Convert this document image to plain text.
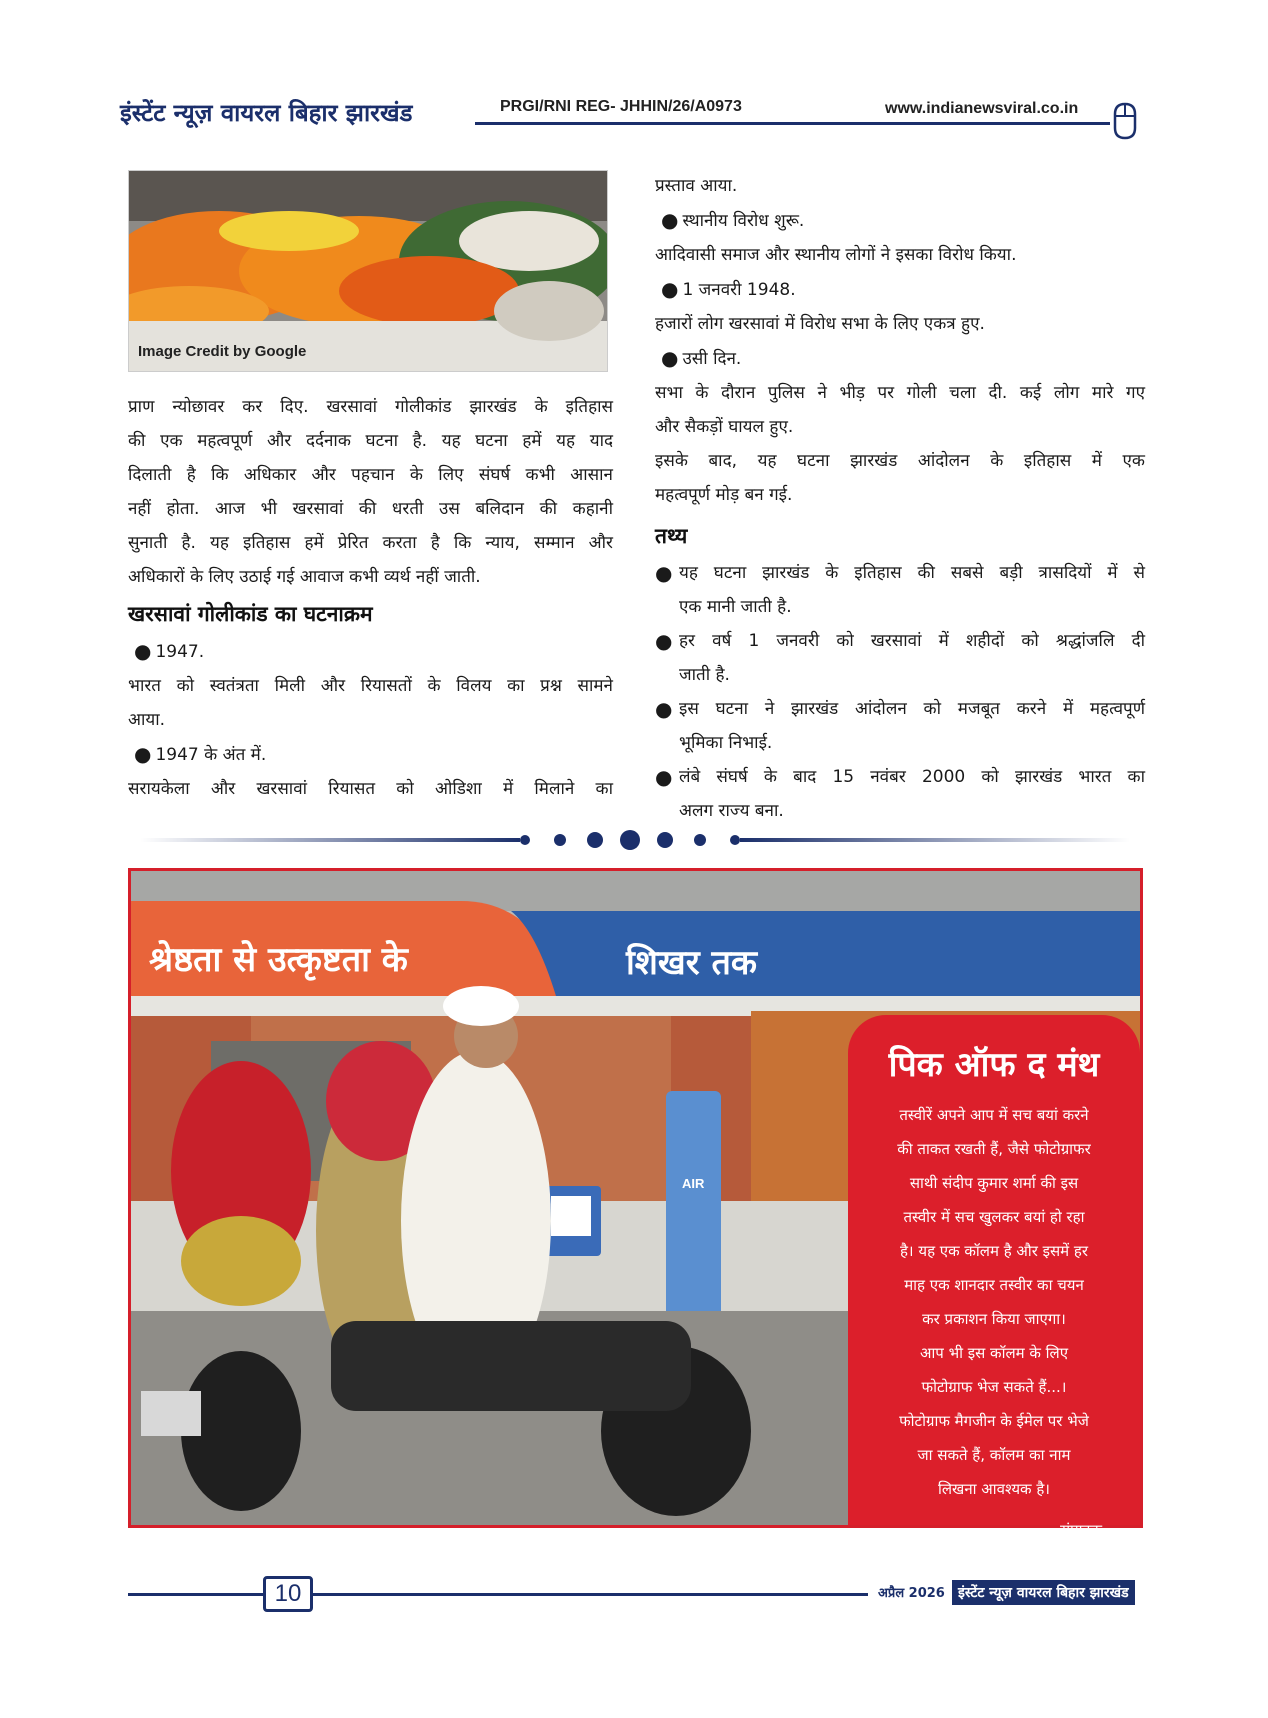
इंस्टेंट न्यूज़ वायरल बिहार झारखंड	PRGI/RNI REG- JHHIN/26/A0973	www.indianewsviral.co.in
Image Credit by Google

प्राण न्योछावर कर दिए. खरसावां गोलीकांड झारखंड के इतिहास

की एक महत्वपूर्ण और दर्दनाक घटना है. यह घटना हमें यह याद

दिलाती है कि अधिकार और पहचान के लिए संघर्ष कभी आसान

नहीं होता. आज भी खरसावां की धरती उस बलिदान की कहानी

सुनाती है. यह इतिहास हमें प्रेरित करता है कि न्याय, सम्मान और

अधिकारों के लिए उठाई गई आवाज कभी व्यर्थ नहीं जाती.

खरसावां गोलीकांड का घटनाक्रम

● 1947.

भारत को स्वतंत्रता मिली और रियासतों के विलय का प्रश्न सामने

आया.

● 1947 के अंत में.

सरायकेला और खरसावां रियासत को ओडिशा में मिलाने का

प्रस्ताव आया.

● स्थानीय विरोध शुरू.

आदिवासी समाज और स्थानीय लोगों ने इसका विरोध किया.

● 1 जनवरी 1948.

हजारों लोग खरसावां में विरोध सभा के लिए एकत्र हुए.

● उसी दिन.

सभा के दौरान पुलिस ने भीड़ पर गोली चला दी. कई लोग मारे गए

और सैकड़ों घायल हुए.

इसके बाद, यह घटना झारखंड आंदोलन के इतिहास में एक

महत्वपूर्ण मोड़ बन गई.

तथ्य
● यह घटना झारखंड के इतिहास की सबसे बड़ी त्रासदियों में से

एक मानी जाती है.

● हर वर्ष 1 जनवरी को खरसावां में शहीदों को श्रद्धांजलि दी

जाती है.

● इस घटना ने झारखंड आंदोलन को मजबूत करने में महत्वपूर्ण

भूमिका निभाई.

● लंबे संघर्ष के बाद 15 नवंबर 2000 को झारखंड भारत का

अलग राज्य बना.

श्रेष्ठता से उत्कृष्टता के	शिखर तक
AIR
पिक ऑफ द मंथ

तस्वीरें अपने आप में सच बयां करने

की ताकत रखती हैं, जैसे फोटोग्राफर

साथी संदीप कुमार शर्मा की इस

तस्वीर में सच खुलकर बयां हो रहा

है। यह एक कॉलम है और इसमें हर

माह एक शानदार तस्वीर का चयन

कर प्रकाशन किया जाएगा।

आप भी इस कॉलम के लिए

फोटोग्राफ भेज सकते हैं...।

फोटोग्राफ मैगजीन के ईमेल पर भेजे

जा सकते हैं, कॉलम का नाम

लिखना आवश्यक है।

संपादक
10	अप्रैल 2026 इंस्टेंट न्यूज़ वायरल बिहार झारखंड
